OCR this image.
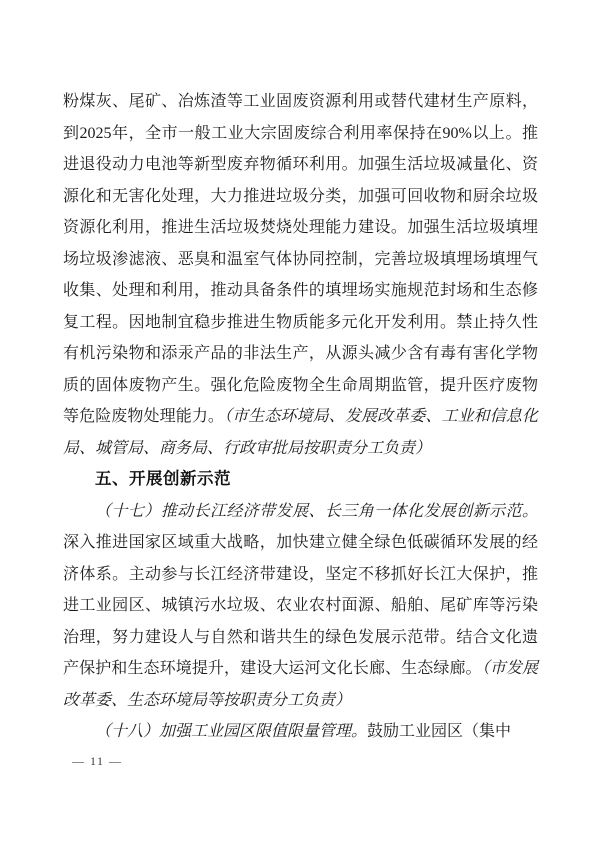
粉煤灰、尾矿、冶炼渣等工业固废资源利用或替代建材生产原料，到2025年，全市一般工业大宗固废综合利用率保持在90%以上。推进退役动力电池等新型废弃物循环利用。加强生活垃圾减量化、资源化和无害化处理，大力推进垃圾分类，加强可回收物和厨余垃圾资源化利用，推进生活垃圾焚烧处理能力建设。加强生活垃圾填埋场垃圾渗滤液、恶臭和温室气体协同控制，完善垃圾填埋场填埋气收集、处理和利用，推动具备条件的填埋场实施规范封场和生态修复工程。因地制宜稳步推进生物质能多元化开发利用。禁止持久性有机污染物和添汞产品的非法生产，从源头减少含有毒有害化学物质的固体废物产生。强化危险废物全生命周期监管，提升医疗废物等危险废物处理能力。（市生态环境局、发展改革委、工业和信息化局、城管局、商务局、行政审批局按职责分工负责）

五、开展创新示范

（十七）推动长江经济带发展、长三角一体化发展创新示范。深入推进国家区域重大战略，加快建立健全绿色低碳循环发展的经济体系。主动参与长江经济带建设，坚定不移抓好长江大保护，推进工业园区、城镇污水垃圾、农业农村面源、船舶、尾矿库等污染治理，努力建设人与自然和谐共生的绿色发展示范带。结合文化遗产保护和生态环境提升，建设大运河文化长廊、生态绿廊。（市发展改革委、生态环境局等按职责分工负责）

（十八）加强工业园区限值限量管理。鼓励工业园区（集中

— 11 —
